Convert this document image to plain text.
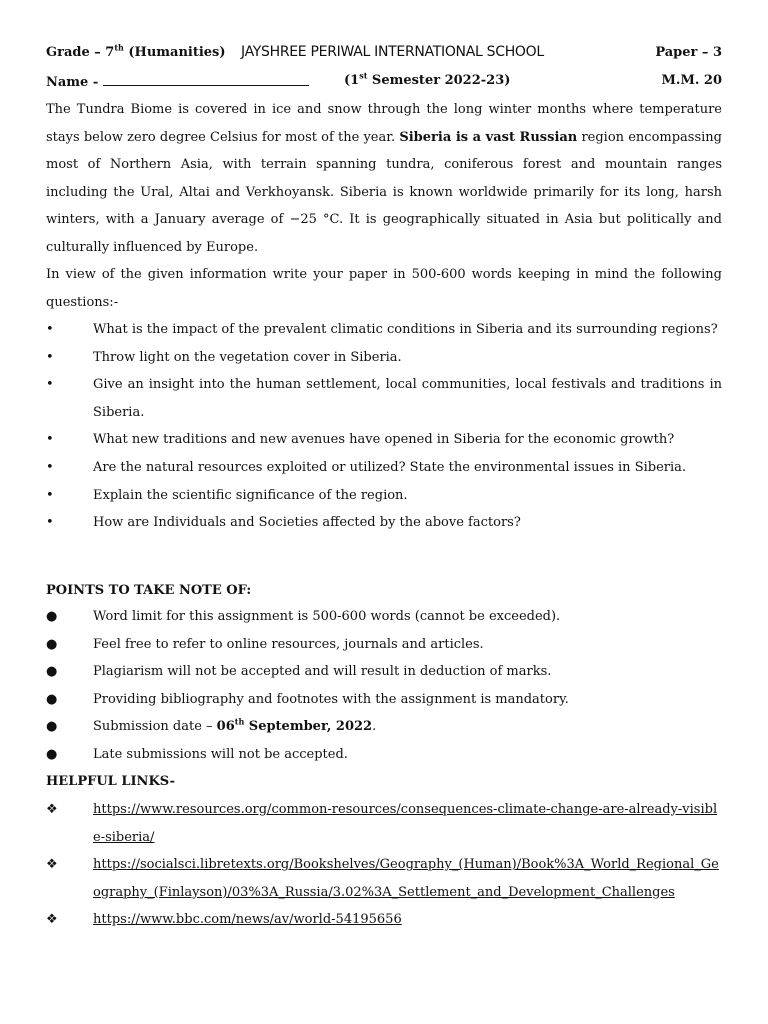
Grade – 7th (Humanities) JAYSHREE PERIWAL INTERNATIONAL SCHOOL	Paper – 3
Name -	(1st Semester 2022-23)	M.M. 20
The Tundra Biome is covered in ice and snow through the long winter months where temperature stays below zero degree Celsius for most of the year. Siberia is a vast Russian region encompassing most of Northern Asia, with terrain spanning tundra, coniferous forest and mountain ranges including the Ural, Altai and Verkhoyansk. Siberia is known worldwide primarily for its long, harsh winters, with a January average of −25 °C. It is geographically situated in Asia but politically and culturally influenced by Europe.
In view of the given information write your paper in 500-600 words keeping in mind the following questions:-
•	What is the impact of the prevalent climatic conditions in Siberia and its surrounding regions?
•	Throw light on the vegetation cover in Siberia.
•	Give an insight into the human settlement, local communities, local festivals and traditions in Siberia.
•	What new traditions and new avenues have opened in Siberia for the economic growth?
•	Are the natural resources exploited or utilized? State the environmental issues in Siberia.
•	Explain the scientific significance of the region.
•	How are Individuals and Societies affected by the above factors?
POINTS TO TAKE NOTE OF:
●	Word limit for this assignment is 500-600 words (cannot be exceeded).
●	Feel free to refer to online resources, journals and articles.
●	Plagiarism will not be accepted and will result in deduction of marks.
●	Providing bibliography and footnotes with the assignment is mandatory.
●	Submission date – 06th September, 2022.
●	Late submissions will not be accepted.
HELPFUL LINKS-
❖	https://www.resources.org/common-resources/consequences-climate-change-are-already-visible-siberia/
❖	https://socialsci.libretexts.org/Bookshelves/Geography_(Human)/Book%3A_World_Regional_Geography_(Finlayson)/03%3A_Russia/3.02%3A_Settlement_and_Development_Challenges
❖	https://www.bbc.com/news/av/world-54195656
